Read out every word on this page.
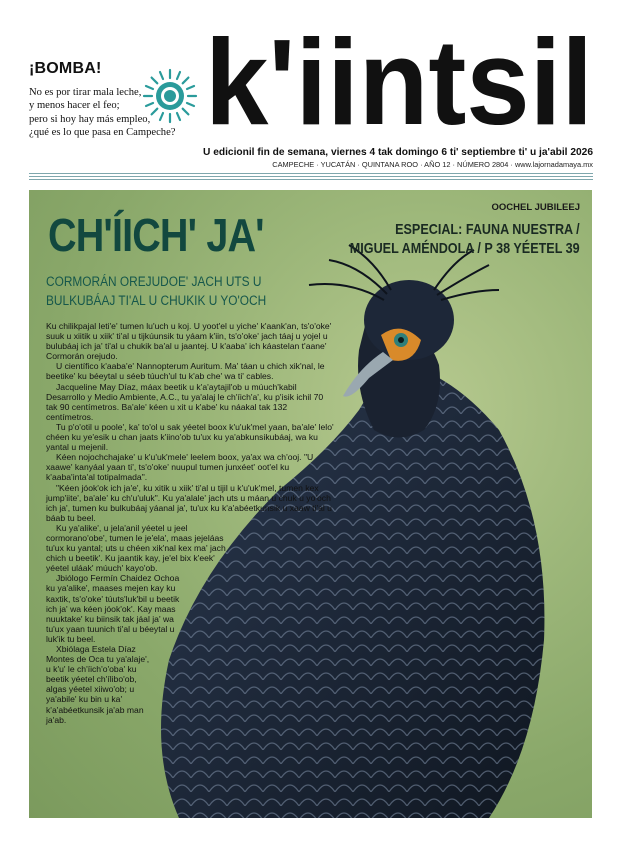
¡BOMBA!
No es por tirar mala leche,
y menos hacer el feo;
pero si hoy hay más empleo,
¿qué es lo que pasa en Campeche? k'iintsil
U edicionil fin de semana, viernes 4 tak domingo 6 ti' septiembre ti' u ja'abil 2026
CAMPECHE · YUCATÁN · QUINTANA ROO · AÑO 12 · NÚMERO 2804 · www.lajornadamaya.mx
CH'ÍICH' JA'
OOCHEL JUBILEEJ
ESPECIAL: FAUNA NUESTRA /
MIGUEL AMÉNDOLA / P 38 YÉETEL 39
CORMORÁN OREJUDOE' JACH UTS U
BULKUBÁAJ TI'AL U CHUKIK U YO'OCH

Ku chilikpajal leti'e' tumen lu'uch u koj. U yoot'el u yiche' k'aank'an, ts'o'oke' suuk u xiitik u xiik' ti'al u tijkúunsik tu yáam k'iin, ts'o'oke' jach táaj u yojel u bulubáaj ich ja' ti'al u chukik ba'al u jaantej. U k'aaba' ich káastelan t'aane' Cormorán orejudo.

U científico k'aaba'e' Nannopterum Auritum. Ma' táan u chich xik'nal, le beetike' ku béeytal u séeb túuch'ul tu k'ab che' wa ti' cables.

Jacqueline May Díaz, máax beetik u k'a'aytajil'ob u múuch'kabil Desarrollo y Medio Ambiente, A.C., tu ya'alaj le ch'íich'a', ku p'isik ichil 70 tak 90 centímetros. Ba'ale' kéen u xit u k'abe' ku náakal tak 132 centímetros.

Tu p'o'otil u poole', ka' to'ol u sak yéetel boox k'u'uk'mel yaan, ba'ale' lelo' chéen ku ye'esik u chan jaats k'iino'ob tu'ux ku ya'abkunsikubáaj, wa ku yantal u mejenil.

Kéen nojochchajake' u k'u'uk'mele' leelem boox, ya'ax wa ch'ooj. "U xaawe' kanyáal yaan ti', ts'o'oke' nuupul tumen junxéet' oot'el ku k'aaba'inta'al totipalmada".

"Kéen jóok'ok ich ja'e', ku xitik u xiik' ti'al u tijil u k'u'uk'mel, tumen kex jump'iite', ba'ale' ku ch'u'uluk". Ku ya'alale' jach uts u máan u chuk u yo'och ich ja', tumen ku bulkubáaj yáanal ja', tu'ux ku k'a'abéetkunsik u xaaw ti'al u báab tu beel.

Ku ya'alike', u jela'anil yéetel u jeel cormorano'obe', tumen le je'ela', maas jejeláas tu'ux ku yantal; uts u chéen xik'nal kex ma' jach chich u beetik'. Ku jaantik kay, je'el bix k'eek' yéetel uláak' múuch' kayo'ob.

Jbiólogo Fermín Chaidez Ochoa ku ya'alike', maases mejen kay ku kaxtik, ts'o'oke' túuts'luk'bil u beetik ich ja' wa kéen jóok'ok'. Kay maas nuuktake' ku biinsik tak jáal ja' wa tu'ux yaan tuunich ti'al u béeytal u luk'ik tu beel.

Xbiólaga Estela Díaz Montes de Oca tu ya'alaje', u k'u' le ch'íich'o'oba' ku beetik yéetel ch'ílibo'ob, algas yéetel xiiwo'ob; u ya'abile' ku bin u ka' k'a'abéetkunsik ja'ab man ja'ab.
